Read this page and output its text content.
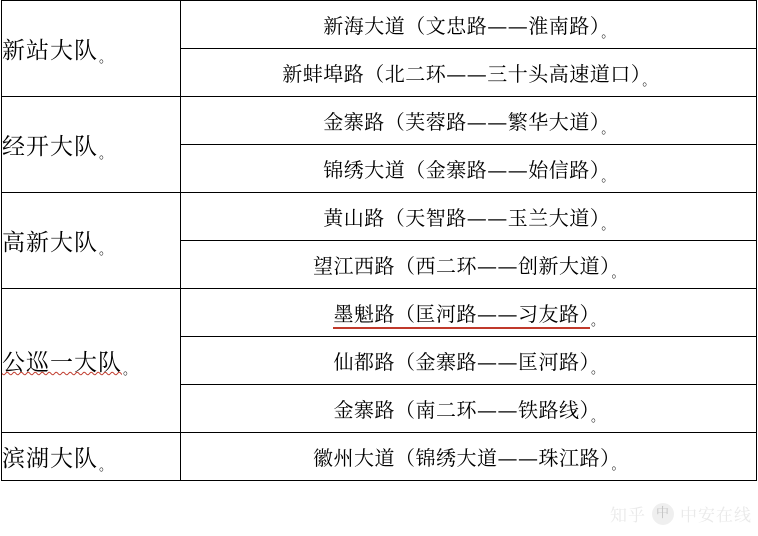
新站大队。	新海大道（文忠路——淮南路）$_。$
	新蚌埠路（北二环——三十头高速道口）$_。$
经开大队。	金寨路（芙蓉路——繁华大道）$_。$
	锦绣大道（金寨路——始信路）$_。$
高新大队。	黄山路（天智路——玉兰大道）$_。$
	望江西路（西二环——创新大道）$_。$
公巡一大队。	墨魁路（匡河路——习友路）$_。$
	仙都路（金寨路——匡河路）$_。$
	金寨路（南二环——铁路线）$_。$
滨湖大队。	徽州大道（锦绣大道——珠江路）$_。$
知乎 中 中安在线
